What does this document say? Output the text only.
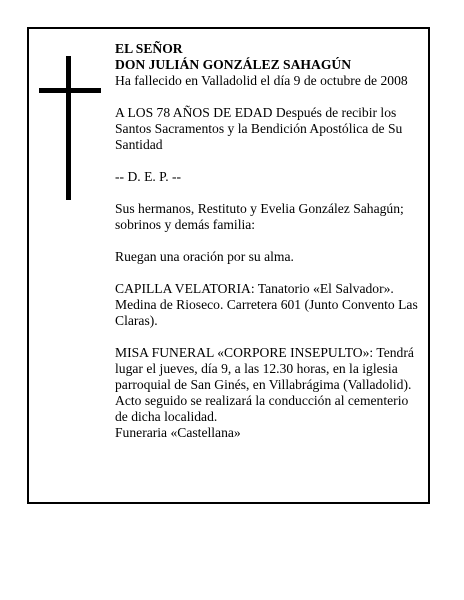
EL SEÑOR

DON JULIÁN GONZÁLEZ SAHAGÚN

Ha fallecido en Valladolid el día 9 de octubre de 2008

A LOS 78 AÑOS DE EDAD Después de recibir los Santos Sacramentos y la Bendición Apostólica de Su Santidad

-- D. E. P. --

Sus hermanos, Restituto y Evelia González Sahagún; sobrinos y demás familia:

Ruegan una oración por su alma.

CAPILLA VELATORIA: Tanatorio «El Salvador». Medina de Rioseco. Carretera 601 (Junto Convento Las Claras).

MISA FUNERAL «CORPORE INSEPULTO»: Tendrá lugar el jueves, día 9, a las 12.30 horas, en la iglesia parroquial de San Ginés, en Villabrágima (Valladolid). Acto seguido se realizará la conducción al cementerio de dicha localidad.

Funeraria «Castellana»
